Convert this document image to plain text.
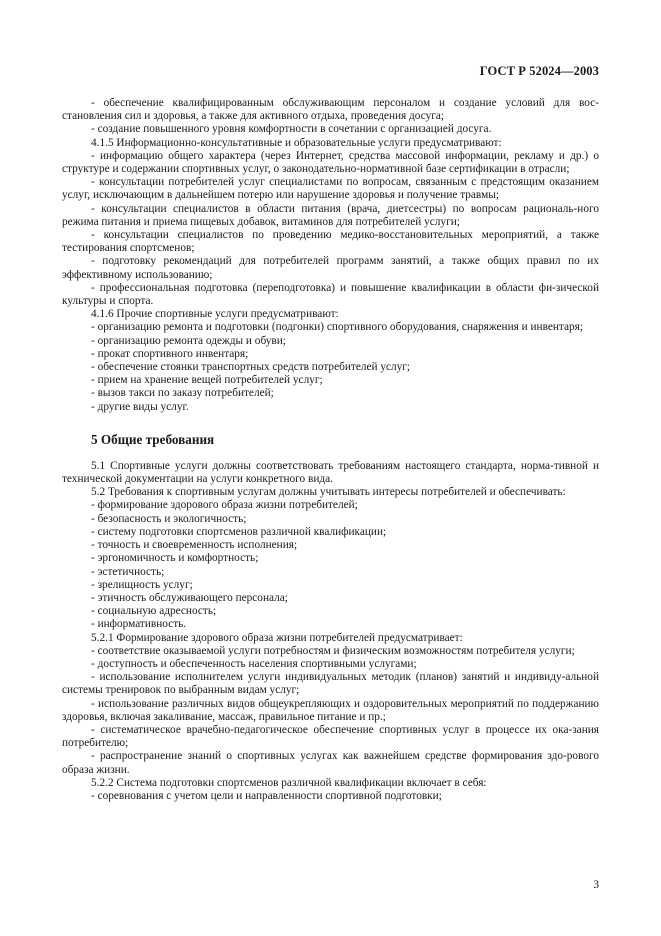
ГОСТ Р 52024—2003

- обеспечение квалифицированным обслуживающим персоналом и создание условий для вос-становления сил и здоровья, а также для активного отдыха, проведения досуга;

- создание повышенного уровня комфортности в сочетании с организацией досуга.

4.1.5 Информационно-консультативные и образовательные услуги предусматривают:

- информацию общего характера (через Интернет, средства массовой информации, рекламу и др.) о структуре и содержании спортивных услуг, о законодательно-нормативной базе сертификации в отрасли;

- консультации потребителей услуг специалистами по вопросам, связанным с предстоящим оказанием услуг, исключающим в дальнейшем потерю или нарушение здоровья и получение травмы;

- консультации специалистов в области питания (врача, диетсестры) по вопросам рациональ-ного режима питания и приема пищевых добавок, витаминов для потребителей услуги;

- консультации специалистов по проведению медико-восстановительных мероприятий, а также тестирования спортсменов;

- подготовку рекомендаций для потребителей программ занятий, а также общих правил по их эффективному использованию;

- профессиональная подготовка (переподготовка) и повышение квалификации в области фи-зической культуры и спорта.

4.1.6 Прочие спортивные услуги предусматривают:

- организацию ремонта и подготовки (подгонки) спортивного оборудования, снаряжения и инвентаря;

- организацию ремонта одежды и обуви;

- прокат спортивного инвентаря;

- обеспечение стоянки транспортных средств потребителей услуг;

- прием на хранение вещей потребителей услуг;

- вызов такси по заказу потребителей;

- другие виды услуг.

5 Общие требования

5.1 Спортивные услуги должны соответствовать требованиям настоящего стандарта, норма-тивной и технической документации на услуги конкретного вида.

5.2 Требования к спортивным услугам должны учитывать интересы потребителей и обеспечивать:

- формирование здорового образа жизни потребителей;

- безопасность и экологичность;

- систему подготовки спортсменов различной квалификации;

- точность и своевременность исполнения;

- эргономичность и комфортность;

- эстетичность;

- зрелищность услуг;

- этичность обслуживающего персонала;

- социальную адресность;

- информативность.

5.2.1 Формирование здорового образа жизни потребителей предусматривает:

- соответствие оказываемой услуги потребностям и физическим возможностям потребителя услуги;

- доступность и обеспеченность населения спортивными услугами;

- использование исполнителем услуги индивидуальных методик (планов) занятий и индивиду-альной системы тренировок по выбранным видам услуг;

- использование различных видов общеукрепляющих и оздоровительных мероприятий по поддержанию здоровья, включая закаливание, массаж, правильное питание и пр.;

- систематическое врачебно-педагогическое обеспечение спортивных услуг в процессе их ока-зания потребителю;

- распространение знаний о спортивных услугах как важнейшем средстве формирования здо-рового образа жизни.

5.2.2 Система подготовки спортсменов различной квалификации включает в себя:

- соревнования с учетом цели и направленности спортивной подготовки;

3
